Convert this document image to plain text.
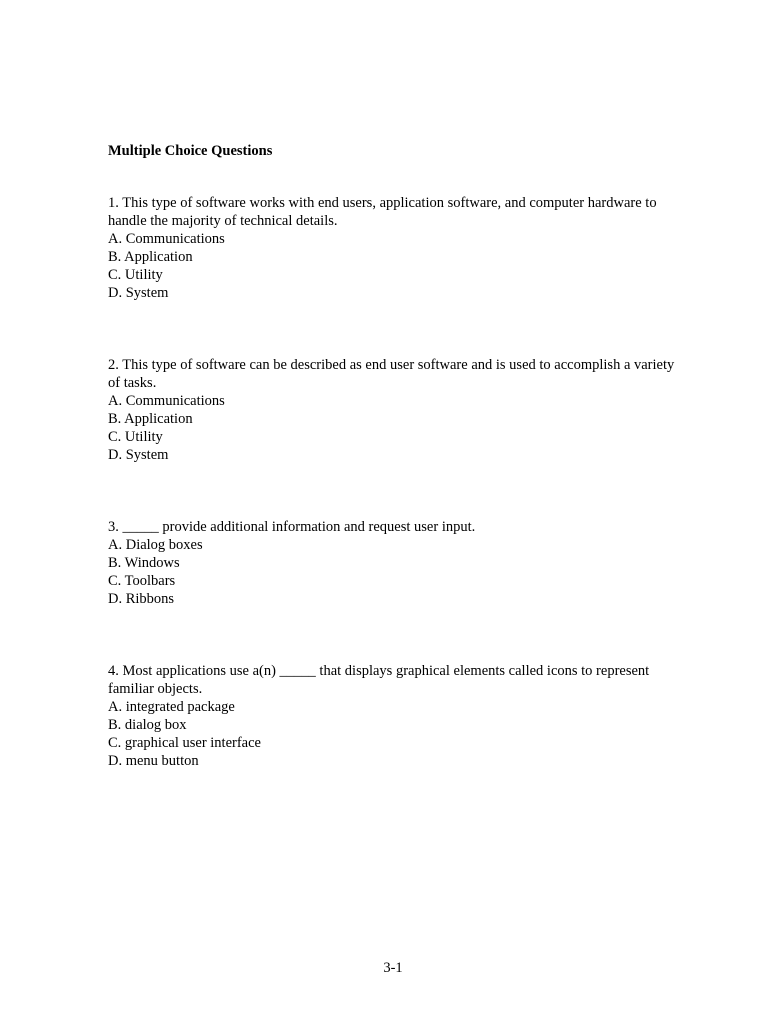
Multiple Choice Questions

1. This type of software works with end users, application software, and computer hardware to handle the majority of technical details.

A. Communications
B. Application
C. Utility
D. System

2. This type of software can be described as end user software and is used to accomplish a variety of tasks.

A. Communications
B. Application
C. Utility
D. System

3. _____ provide additional information and request user input.

A. Dialog boxes
B. Windows
C. Toolbars
D. Ribbons

4. Most applications use a(n) _____ that displays graphical elements called icons to represent familiar objects.

A. integrated package
B. dialog box
C. graphical user interface
D. menu button
3-1
